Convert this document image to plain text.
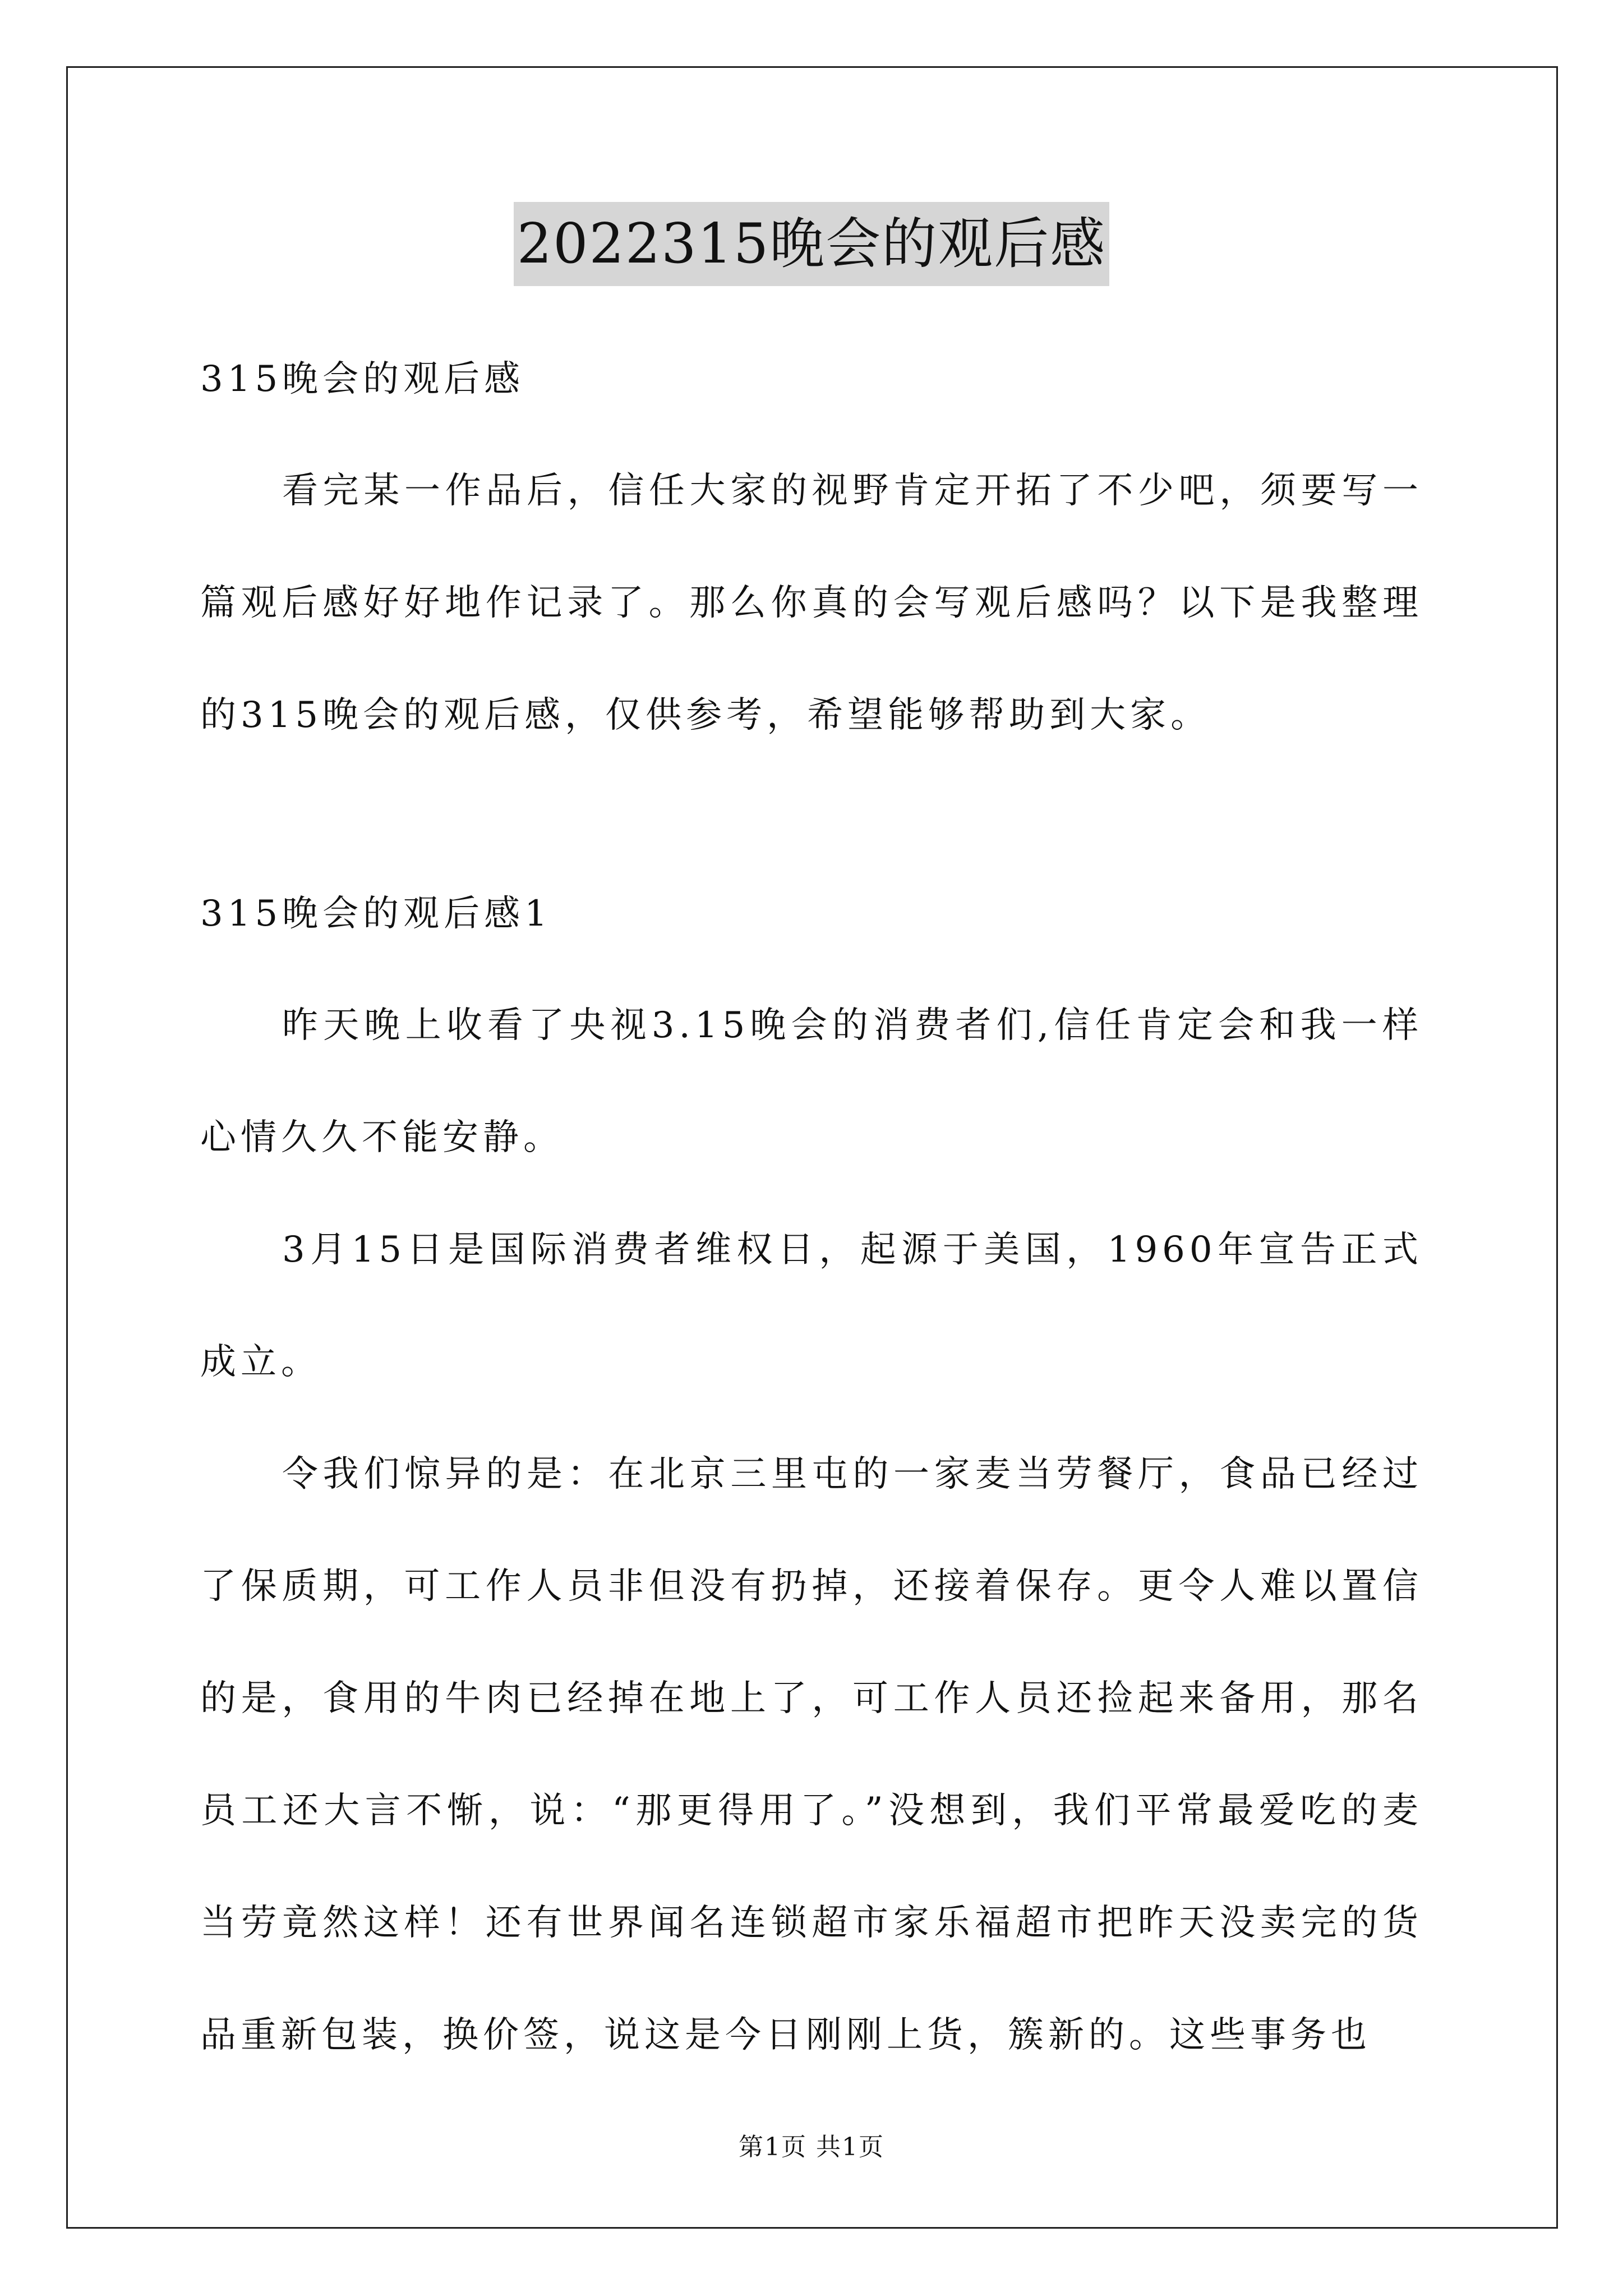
2022315晚会的观后感
315晚会的观后感
看完某一作品后，信任大家的视野肯定开拓了不少吧，须要写一篇观后感好好地作记录了。那么你真的会写观后感吗？以下是我整理的315晚会的观后感，仅供参考，希望能够帮助到大家。
315晚会的观后感1
昨天晚上收看了央视3.15晚会的消费者们,信任肯定会和我一样心情久久不能安静。
3月15日是国际消费者维权日，起源于美国，1960年宣告正式成立。
令我们惊异的是：在北京三里屯的一家麦当劳餐厅，食品已经过了保质期，可工作人员非但没有扔掉，还接着保存。更令人难以置信的是，食用的牛肉已经掉在地上了，可工作人员还捡起来备用，那名员工还大言不惭，说：“那更得用了。”没想到，我们平常最爱吃的麦当劳竟然这样！还有世界闻名连锁超市家乐福超市把昨天没卖完的货品重新包装，换价签，说这是今日刚刚上货，簇新的。这些事务也
第1页 共1页
